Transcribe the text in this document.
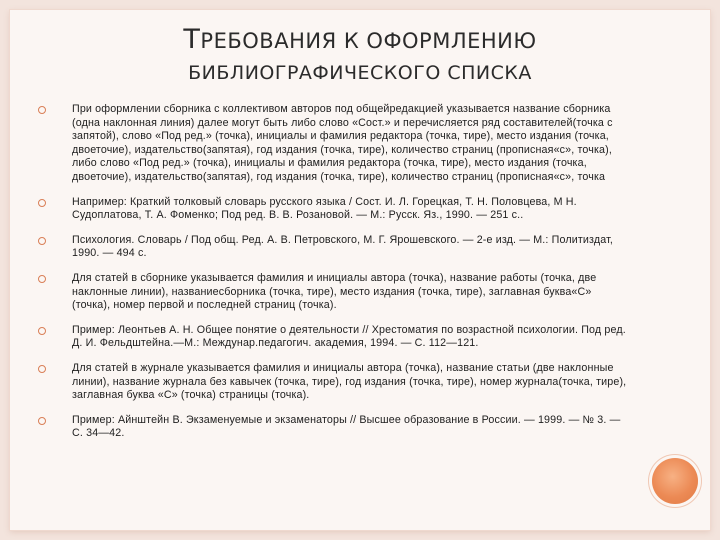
ТРЕБОВАНИЯ К ОФОРМЛЕНИЮ
БИБЛИОГРАФИЧЕСКОГО СПИСКА
При оформлении сборника с коллективом авторов под общейредакцией указывается название сборника (одна наклонная линия) далее могут быть либо слово «Сост.» и перечисляется ряд составителей(точка с запятой), слово «Под ред.» (точка), инициалы и фамилия редактора (точка, тире), место издания (точка, двоеточие), издательство(запятая), год издания (точка, тире), количество страниц (прописная«с», точка), либо слово «Под ред.» (точка), инициалы и фамилия редактора (точка, тире), место издания (точка, двоеточие), издательство(запятая), год издания (точка, тире), количество страниц (прописная«с», точка
Например: Краткий толковый словарь русского языка / Сост. И. Л. Горецкая, Т. Н. Половцева, М Н. Судоплатова, Т. А. Фоменко; Под ред. В. В. Розановой. — М.: Русск. Яз., 1990. — 251 с..
Психология. Словарь / Под общ. Ред. А. В. Петровского, М. Г. Ярошевского. — 2-е изд. — М.: Политиздат, 1990. — 494 с.
Для статей в сборнике указывается фамилия и инициалы автора (точка), название работы (точка, две наклонные линии), названиесборника (точка, тире), место издания (точка, тире), заглавная буква«С» (точка), номер первой и последней страниц (точка).
Пример: Леонтьев А. Н. Общее понятие о деятельности // Хрестоматия по возрастной психологии. Под ред. Д. И. Фельдштейна.—М.: Междунар.педагогич. академия, 1994. — С. 112—121.
Для статей в журнале указывается фамилия и инициалы автора (точка), название статьи (две наклонные линии), название журнала без кавычек (точка, тире), год издания (точка, тире), номер журнала(точка, тире), заглавная буква «С» (точка) страницы (точка).
Пример: Айнштейн В. Экзаменуемые и экзаменаторы // Высшее образование в России. — 1999. — № 3. — С. 34—42.
